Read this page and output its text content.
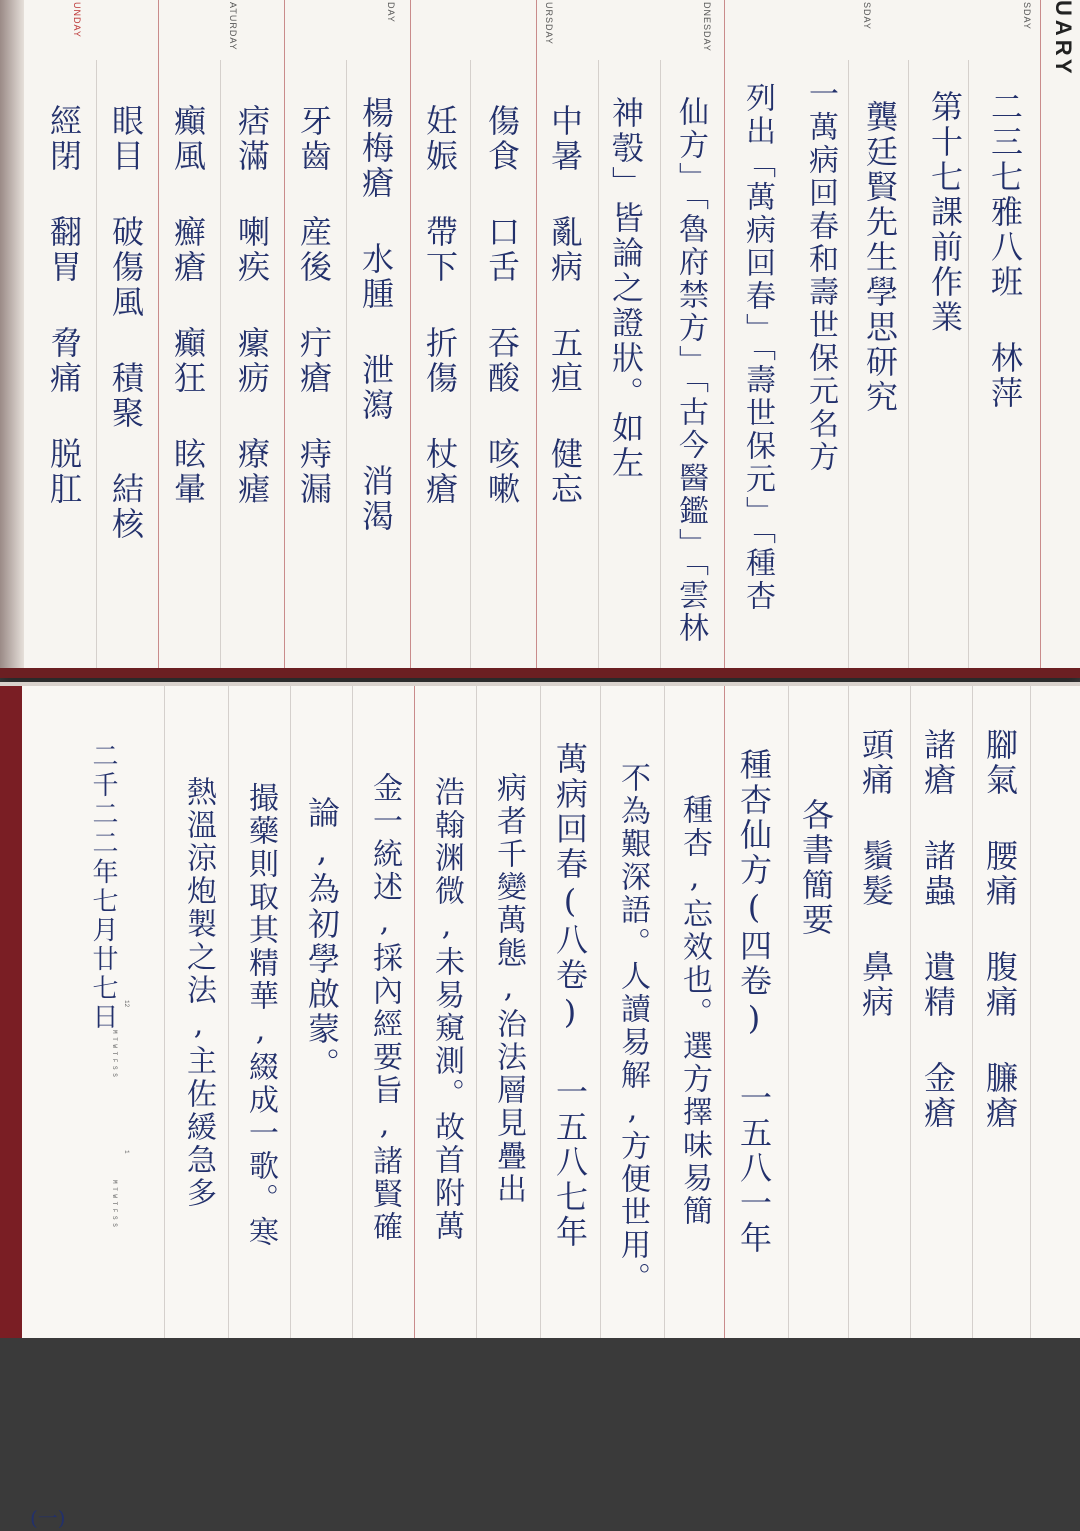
UARY
SDAY
SDAY
DNESDAY
URSDAY
DAY
ATURDAY
UNDAY
二三七雅八班 林萍
第十七課前作業
龔廷賢先生學思研究
一萬病回春和壽世保元名方
列出「萬病回春」「壽世保元」「種杏
仙方」「魯府禁方」「古今醫鑑」「雲林
神彀」皆論之證狀。如左
中暑 亂病 五疸 健忘
傷食 口舌 吞酸 咳嗽
妊娠 帶下 折傷 杖瘡
楊梅瘡 水腫 泄瀉 消渴
牙齒 産後 疔瘡 痔漏
痞滿 喇疾 瘰疬 療瘧
癲風 癬瘡 癲狂 眩暈
眼目 破傷風 積聚 結核
經閉 翻胃 脅痛 脱肛
腳氣 腰痛 腹痛 臁瘡
諸瘡 諸蟲 遺精 金瘡
頭痛 鬚髮 鼻病
各書簡要
種杏仙方(四卷) 一五八一年
種杏,忘效也。選方擇味易簡
不為艱深語。人讀易解,方便世用。
萬病回春(八卷) 一五八七年
病者千變萬態,治法層見疊出
浩翰渊微,未易窺測。故首附萬
金一統述,採內經要旨,諸賢確
論,為初學啟蒙。
撮藥則取其精華,綴成一歌。寒
熱溫涼炮製之法,主佐緩急多
二千二二年七月廿七日
(一)
12
M T W T F S S
1
M T W T F S S
